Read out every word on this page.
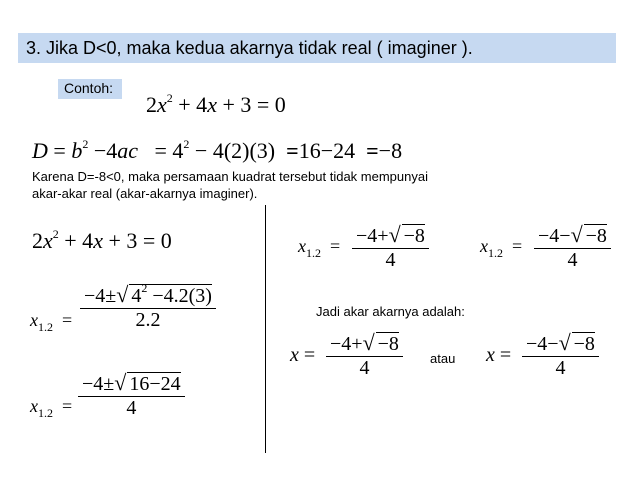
3. Jika D<0, maka kedua akarnya tidak real ( imaginer ).
Contoh:
$2x^2 + 4x + 3 = 0$
$D = b^2 -4ac = 4^2 - 4(2)(3) =16-24 =-8$
Karena D=-8<0, maka persamaan kuadrat tersebut tidak mempunyai
akar-akar real (akar-akarnya imaginer).
$2x^2 + 4x + 3 = 0$
$x_{1.2}$  =
−4±√ $4^2 -4.2(3)$
2.2
$x_{1.2}$  =
−4±√ 16−24
4
$x_{1.2} = -4+√ -8$
4
$x_{1.2} = -4-√ -8$
4
Jadi akar akarnya adalah:
x = −4+√ −8
4	atau x = −4−√ −8
4
